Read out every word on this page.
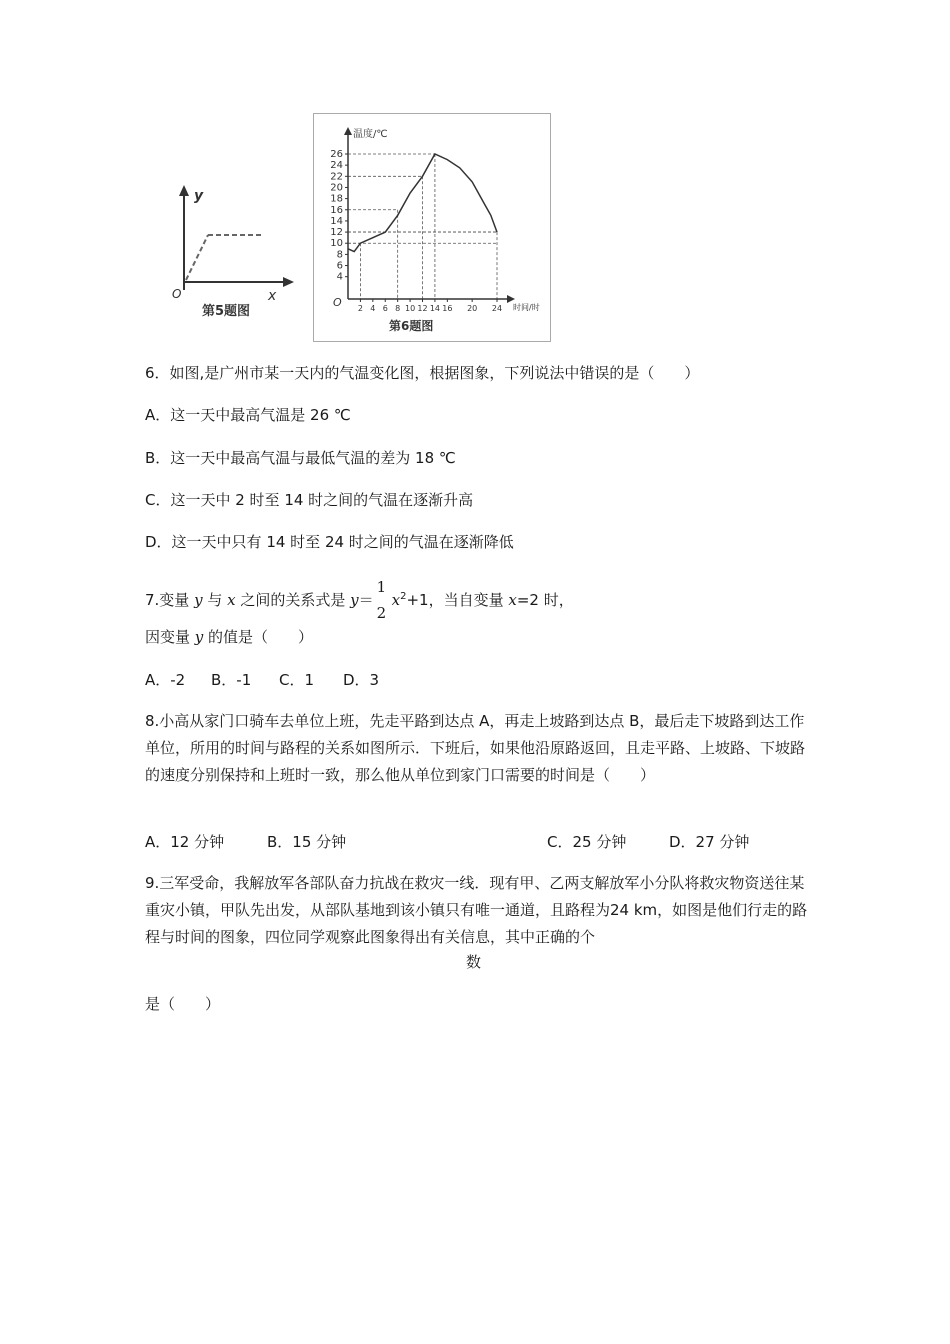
y
x
O
第5题图
4
6
8
10
12
14
16
18
20
22
24
26
2 4 6 8 10 12 14 16 20 24
温度/℃
时间/时
O
第6题图
6．如图,是广州市某一天内的气温变化图，根据图象，下列说法中错误的是（　　）
A．这一天中最高气温是 26 ℃
B．这一天中最高气温与最低气温的差为 18 ℃
C．这一天中 2 时至 14 时之间的气温在逐渐升高
D．这一天中只有 14 时至 24 时之间的气温在逐渐降低
7.变量 y 与 x 之间的关系式是 y＝
1
2
$x^2+1$，当自变量 x=2 时，
因变量 y 的值是（　　）
A．-2 B．-1 C．1 D．3
8.小高从家门口骑车去单位上班，先走平路到达点 A，再走上坡路到达点 B，最后走下坡路到达工作单位，所用的时间与路程的关系如图所示．下班后，如果他沿原路返回，且走平路、上坡路、下坡路的速度分别保持和上班时一致，那么他从单位到家门口需要的时间是（　　）
A．12 分钟	B．15 分钟	C．25 分钟	D．27 分钟
9.三军受命，我解放军各部队奋力抗战在救灾一线．现有甲、乙两支解放军小分队将救灾物资送往某重灾小镇，甲队先出发，从部队基地到该小镇只有唯一通道，且路程为24 km，如图是他们行走的路程与时间的图象，四位同学观察此图象得出有关信息，其中正确的个
数
是（　　）
